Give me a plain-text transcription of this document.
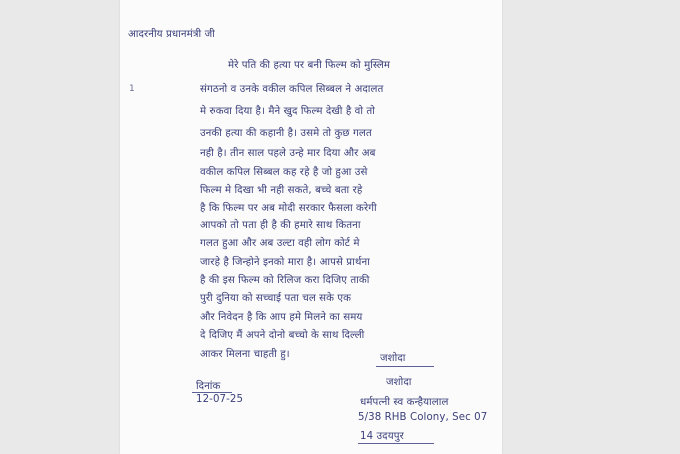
आदरनीय प्रधानमंत्री जी
1
मेरे पति की हत्या पर बनी फिल्म को मुस्लिम
संगठनो व उनके वकील कपिल सिब्बल ने अदालत
मे रुकवा दिया है। मैने खुद फिल्म देखी है वो तो
उनकी हत्या की कहानी है। उसमे तो कुछ गलत
नही है। तीन साल पहले उन्हे मार दिया और अब
वकील कपिल सिब्बल कह रहे है जो हुआ उसे
फिल्म मे दिखा भी नही सकते, बच्चे बता रहे
है कि फिल्म पर अब मोदी सरकार फैसला करेगी
आपको तो पता ही है की हमारे साथ कितना
गलत हुआ और अब उल्टा वही लोग कोर्ट मे
जारहे है जिन्होने इनको मारा है। आपसे प्रार्थना
है की इस फिल्म को रिलिज करा दिजिए ताकी
पुरी दुनिया को सच्चाई पता चल सके एक
और निवेदन है कि आप हमे मिलने का समय
दे दिजिए मैं अपने दोनो बच्चो के साथ दिल्ली
आकर मिलना चाहती हु।	जशोदा
दिनांक
12-07-25
जशोदा
धर्मपत्नी स्व कन्हैयालाल
5/38 RHB Colony, Sec 07
14 उदयपुर
